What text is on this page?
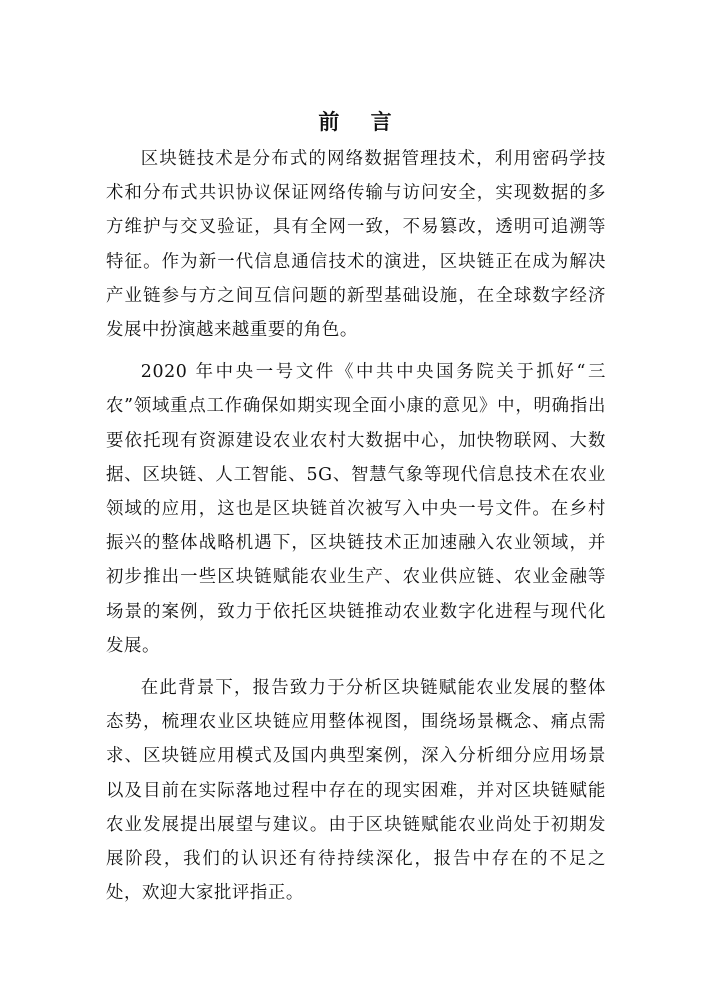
前 言

区块链技术是分布式的网络数据管理技术，利用密码学技术和分布式共识协议保证网络传输与访问安全，实现数据的多方维护与交叉验证，具有全网一致，不易篡改，透明可追溯等特征。作为新一代信息通信技术的演进，区块链正在成为解决产业链参与方之间互信问题的新型基础设施，在全球数字经济发展中扮演越来越重要的角色。

2020 年中央一号文件《中共中央国务院关于抓好“三农”领域重点工作确保如期实现全面小康的意见》中，明确指出要依托现有资源建设农业农村大数据中心，加快物联网、大数据、区块链、人工智能、5G、智慧气象等现代信息技术在农业领域的应用，这也是区块链首次被写入中央一号文件。在乡村振兴的整体战略机遇下，区块链技术正加速融入农业领域，并初步推出一些区块链赋能农业生产、农业供应链、农业金融等场景的案例，致力于依托区块链推动农业数字化进程与现代化发展。

在此背景下，报告致力于分析区块链赋能农业发展的整体态势，梳理农业区块链应用整体视图，围绕场景概念、痛点需求、区块链应用模式及国内典型案例，深入分析细分应用场景以及目前在实际落地过程中存在的现实困难，并对区块链赋能农业发展提出展望与建议。由于区块链赋能农业尚处于初期发展阶段，我们的认识还有待持续深化，报告中存在的不足之处，欢迎大家批评指正。
